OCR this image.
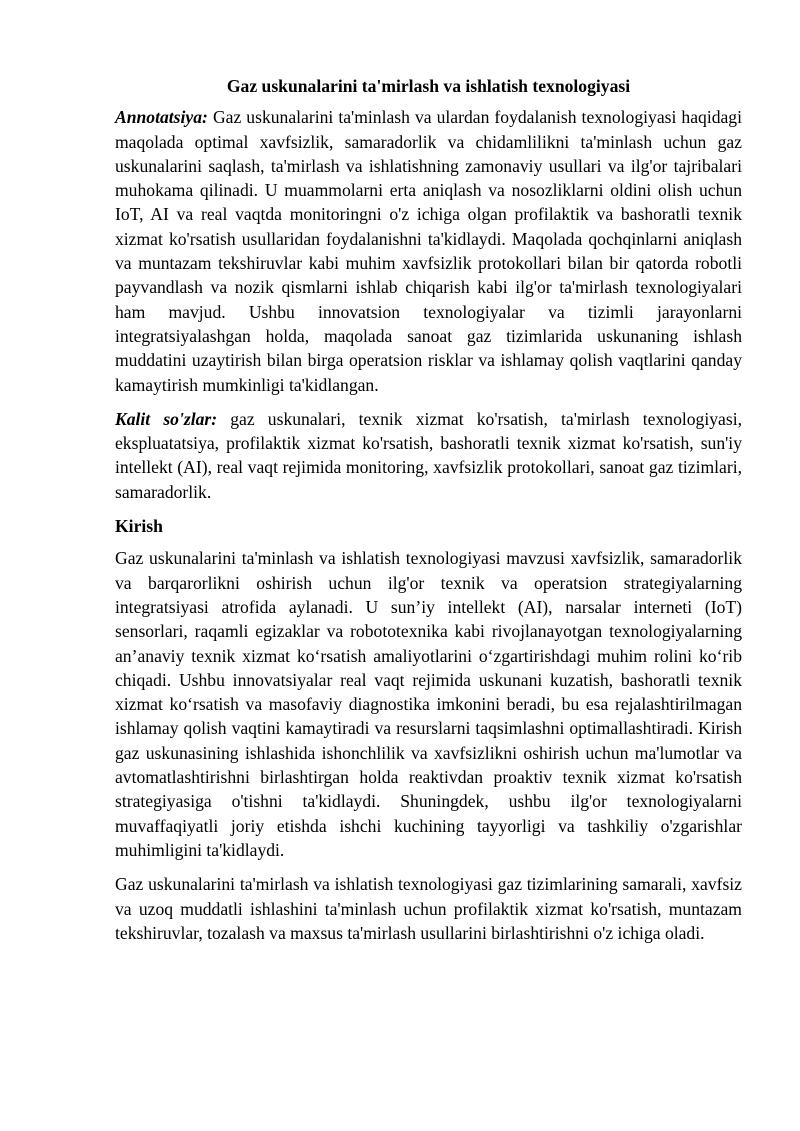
Gaz uskunalarini ta'mirlash va ishlatish texnologiyasi

Annotatsiya: Gaz uskunalarini ta'minlash va ulardan foydalanish texnologiyasi haqidagi maqolada optimal xavfsizlik, samaradorlik va chidamlilikni ta'minlash uchun gaz uskunalarini saqlash, ta'mirlash va ishlatishning zamonaviy usullari va ilg'or tajribalari muhokama qilinadi. U muammolarni erta aniqlash va nosozliklarni oldini olish uchun IoT, AI va real vaqtda monitoringni o'z ichiga olgan profilaktik va bashoratli texnik xizmat ko'rsatish usullaridan foydalanishni ta'kidlaydi. Maqolada qochqinlarni aniqlash va muntazam tekshiruvlar kabi muhim xavfsizlik protokollari bilan bir qatorda robotli payvandlash va nozik qismlarni ishlab chiqarish kabi ilg'or ta'mirlash texnologiyalari ham mavjud. Ushbu innovatsion texnologiyalar va tizimli jarayonlarni integratsiyalashgan holda, maqolada sanoat gaz tizimlarida uskunaning ishlash muddatini uzaytirish bilan birga operatsion risklar va ishlamay qolish vaqtlarini qanday kamaytirish mumkinligi ta'kidlangan.

Kalit so'zlar: gaz uskunalari, texnik xizmat ko'rsatish, ta'mirlash texnologiyasi, ekspluatatsiya, profilaktik xizmat ko'rsatish, bashoratli texnik xizmat ko'rsatish, sun'iy intellekt (AI), real vaqt rejimida monitoring, xavfsizlik protokollari, sanoat gaz tizimlari, samaradorlik.

Kirish

Gaz uskunalarini ta'minlash va ishlatish texnologiyasi mavzusi xavfsizlik, samaradorlik va barqarorlikni oshirish uchun ilg'or texnik va operatsion strategiyalarning integratsiyasi atrofida aylanadi. U sun’iy intellekt (AI), narsalar interneti (IoT) sensorlari, raqamli egizaklar va robototexnika kabi rivojlanayotgan texnologiyalarning an’anaviy texnik xizmat ko‘rsatish amaliyotlarini o‘zgartirishdagi muhim rolini ko‘rib chiqadi. Ushbu innovatsiyalar real vaqt rejimida uskunani kuzatish, bashoratli texnik xizmat ko‘rsatish va masofaviy diagnostika imkonini beradi, bu esa rejalashtirilmagan ishlamay qolish vaqtini kamaytiradi va resurslarni taqsimlashni optimallashtiradi. Kirish gaz uskunasining ishlashida ishonchlilik va xavfsizlikni oshirish uchun ma'lumotlar va avtomatlashtirishni birlashtirgan holda reaktivdan proaktiv texnik xizmat ko'rsatish strategiyasiga o'tishni ta'kidlaydi. Shuningdek, ushbu ilg'or texnologiyalarni muvaffaqiyatli joriy etishda ishchi kuchining tayyorligi va tashkiliy o'zgarishlar muhimligini ta'kidlaydi.

Gaz uskunalarini ta'mirlash va ishlatish texnologiyasi gaz tizimlarining samarali, xavfsiz va uzoq muddatli ishlashini ta'minlash uchun profilaktik xizmat ko'rsatish, muntazam tekshiruvlar, tozalash va maxsus ta'mirlash usullarini birlashtirishni o'z ichiga oladi.
